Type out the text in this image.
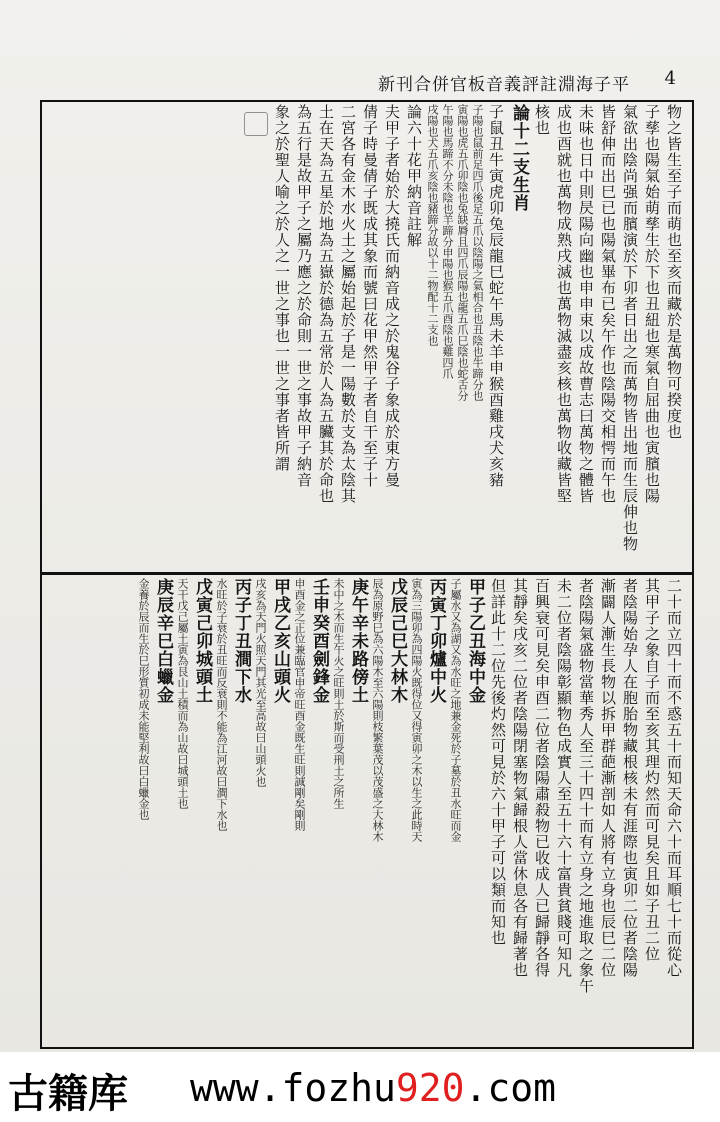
新刊合併官板音義評註淵海子平 4
物之皆生至子而萌也至亥而藏於是萬物可揆度也
子孳也陽氣始萌孳生於下也丑紐也寒氣自屈曲也寅臏也陽
氣欲出陰尚强而臏演於下卯者日出之而萬物皆出地而生辰伸也物
皆舒伸而出巳已也陽氣畢布已矣午作也陰陽交相愕而午也
未味也日中則昃陽向幽也申申束以成故曹志曰萬物之體皆
成也酉就也萬物成熟戌滅也萬物滅盡亥核也萬物收藏皆堅
核也
論十二支生肖
子鼠丑牛寅虎卯兔辰龍巳蛇午馬未羊申猴酉雞戌犬亥豬
子陽也鼠前足四爪後足五爪以陰陽之氣相合也丑陰也牛蹄分也
寅陽也虎五爪卯陰也兔缺脣且四爪辰陽也龍五爪巳陰也蛇舌分
午陽也馬蹄不分未陰也羊蹄分申陽也猴五爪酉陰也雞四爪
戌陽也犬五爪亥陰也豬蹄分故以十二物配十二支也
論六十花甲納音註解
夫甲子者始於大撓氏而納音成之於鬼谷子象成於東方曼
倩子時曼倩子既成其象而號曰花甲然甲子者自干至子十
二宮各有金木水火土之屬始起於子是一陽數於支為太陰其
土在天為五星於地為五嶽於德為五常於人為五臟其於命也
為五行是故甲子之屬乃應之於命則一世之事故甲子納音
象之於聖人喻之於人之一世之事也一世之事者皆所謂
二十而立四十而不惑五十而知天命六十而耳順七十而從心
其甲子之象自子而至亥其理灼然而可見矣且如子丑二位
者陰陽始孕人在胞胎物藏根核未有涯際也寅卯二位者陰陽
漸闢人漸生長物以拆甲群葩漸剖如人將有立身也辰巳二位
者陰陽氣盛物當華秀人至三十四十而有立身之地進取之象午
未二位者陰陽彰顯物色成實人至五十六十富貴貧賤可知凡
百興衰可見矣申酉二位者陰陽肅殺物已收成人已歸靜各得
其靜矣戌亥二位者陰陽閉塞物氣歸根人當休息各有歸著也
但詳此十二位先後灼然可見於六十甲子可以類而知也
甲子乙丑海中金
子屬水又為湖又為水旺之地兼金死於子墓於丑水旺而金
丙寅丁卯爐中火
寅為三陽卯為四陽火既得位又得寅卯之木以生之此時天
戊辰己巳大林木
辰為原野巳為六陽木至六陽則枝繁葉茂以茂盛之大林木
庚午辛未路傍土
未中之木而生午火之旺則土於斯而受刑土之所生
壬申癸酉劍鋒金
申酉金之正位兼臨官申帝旺酉金既生旺則誠剛矣剛則
甲戌乙亥山頭火
戌亥為天門火照天門其光至高故曰山頭火也
丙子丁丑澗下水
水旺於子衰於丑旺而反衰則不能為江河故曰澗下水也
戊寅己卯城頭土
天干戊己屬土寅為艮山土積而為山故曰城頭土也
庚辰辛巳白蠟金
金養於辰而生於巳形質初成未能堅利故曰白蠟金也
古籍库 www.fozhu920.com
